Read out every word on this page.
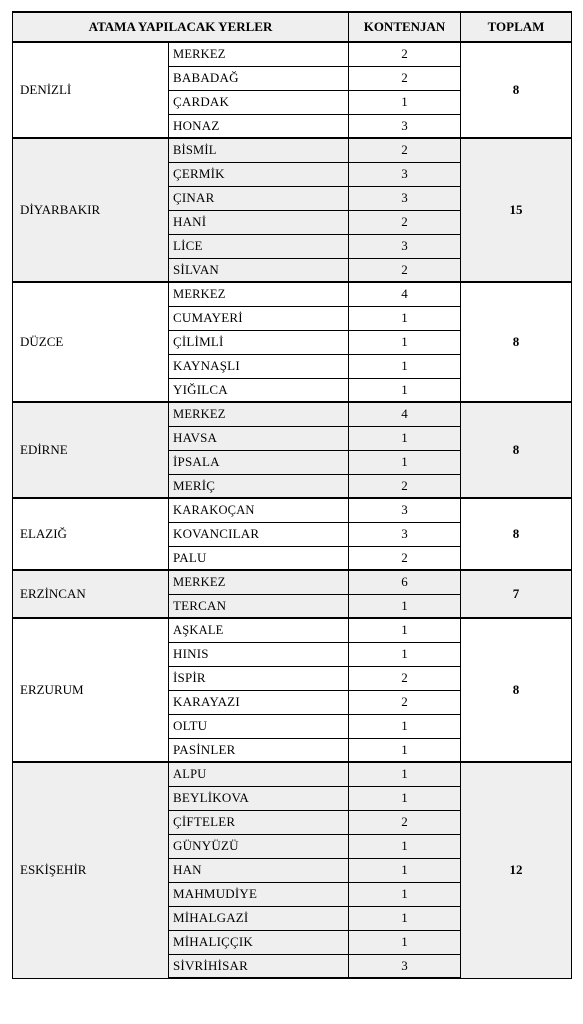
ATAMA YAPILACAK YERLER		KONTENJAN	TOPLAM
DENİZLİ	MERKEZ	2	8
	BABADAĞ	2	
	ÇARDAK	1	
	HONAZ	3	
DİYARBAKIR	BİSMİL	2	15
	ÇERMİK	3	
	ÇINAR	3	
	HANİ	2	
	LİCE	3	
	SİLVAN	2	
DÜZCE	MERKEZ	4	8
	CUMAYERİ	1	
	ÇİLİMLİ	1	
	KAYNAŞLI	1	
	YIĞILCA	1	
EDİRNE	MERKEZ	4	8
	HAVSA	1	
	İPSALA	1	
	MERİÇ	2	
ELAZIĞ	KARAKOÇAN	3	8
	KOVANCILAR	3	
	PALU	2	
ERZİNCAN	MERKEZ	6	7
	TERCAN	1	
ERZURUM	AŞKALE	1	8
	HINIS	1	
	İSPİR	2	
	KARAYAZI	2	
	OLTU	1	
	PASİNLER	1	
ESKİŞEHİR	ALPU	1	12
	BEYLİKOVA	1	
	ÇİFTELER	2	
	GÜNYÜZÜ	1	
	HAN	1	
	MAHMUDİYE	1	
	MİHALGAZİ	1	
	MİHALIÇÇIK	1	
	SİVRİHİSAR	3	
